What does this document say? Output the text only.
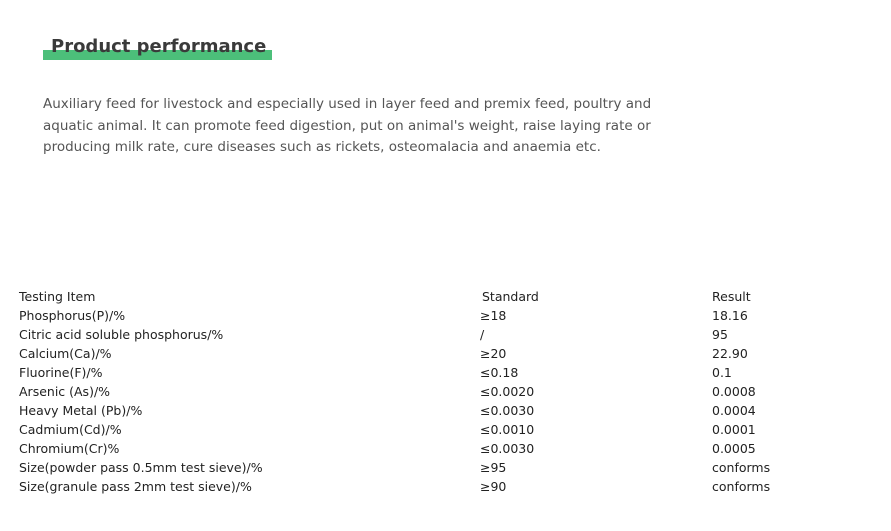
Product performance

Auxiliary feed for livestock and especially used in layer feed and premix feed, poultry and aquatic animal. It can promote feed digestion, put on animal's weight, raise laying rate or producing milk rate, cure diseases such as rickets, osteomalacia and anaemia etc.

Testing Item	Standard	Result
Phosphorus(P)/%	≥18	18.16
Citric acid soluble phosphorus/%	/	95
Calcium(Ca)/%	≥20	22.90
Fluorine(F)/%	≤0.18	0.1
Arsenic (As)/%	≤0.0020	0.0008
Heavy Metal (Pb)/%	≤0.0030	0.0004
Cadmium(Cd)/%	≤0.0010	0.0001
Chromium(Cr)%	≤0.0030	0.0005
Size(powder pass 0.5mm test sieve)/%	≥95	conforms
Size(granule pass 2mm test sieve)/%	≥90	conforms
